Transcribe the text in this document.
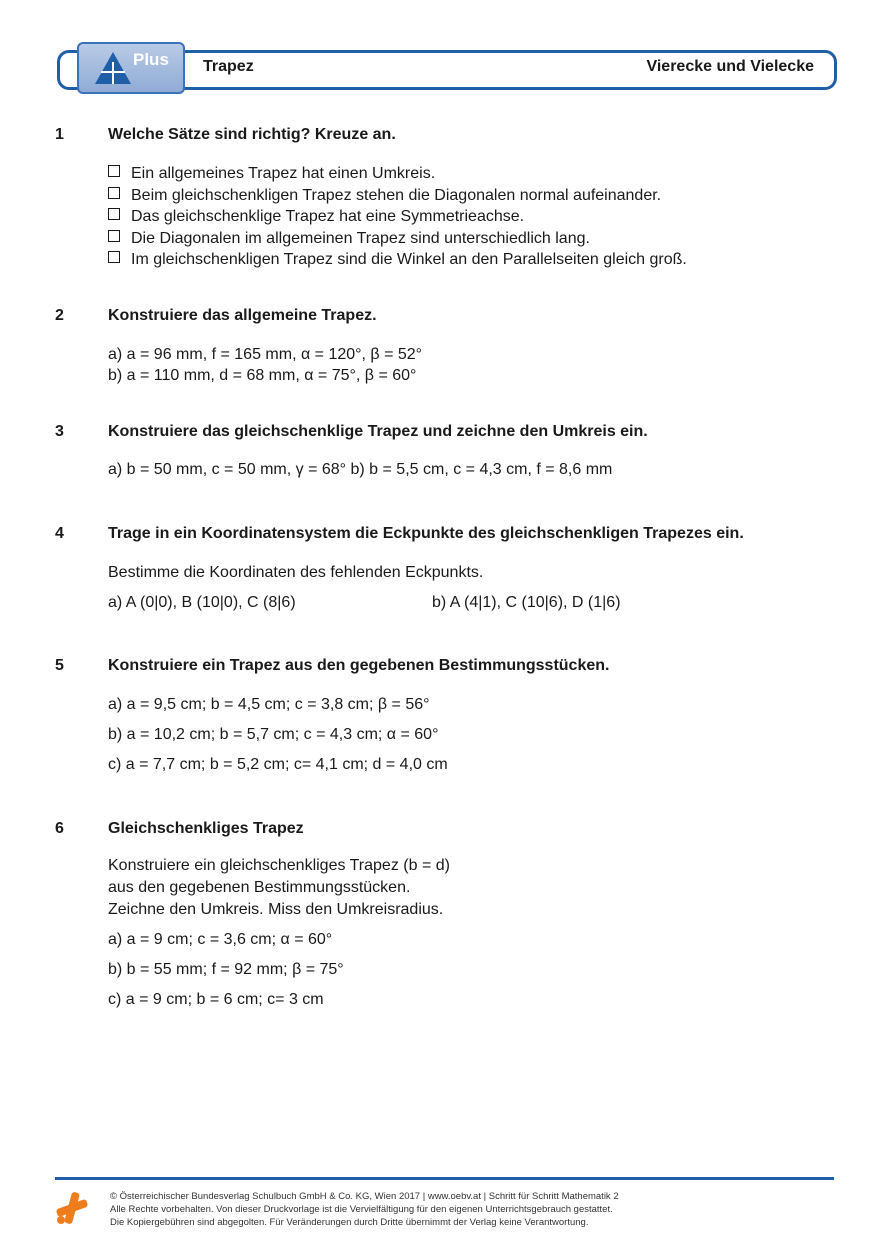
Plus Trapez	Vierecke und Vielecke
1	Welche Sätze sind richtig? Kreuze an.
Ein allgemeines Trapez hat einen Umkreis.
Beim gleichschenkligen Trapez stehen die Diagonalen normal aufeinander.
Das gleichschenklige Trapez hat eine Symmetrieachse.
Die Diagonalen im allgemeinen Trapez sind unterschiedlich lang.
Im gleichschenkligen Trapez sind die Winkel an den Parallelseiten gleich groß.
2	Konstruiere das allgemeine Trapez.
a) a = 96 mm, f = 165 mm, α = 120°, β = 52°
b) a = 110 mm, d = 68 mm, α = 75°, β = 60°
3	Konstruiere das gleichschenklige Trapez und zeichne den Umkreis ein.
a) b = 50 mm, c = 50 mm, γ = 68° b) b = 5,5 cm, c = 4,3 cm, f = 8,6 mm
4	Trage in ein Koordinatensystem die Eckpunkte des gleichschenkligen Trapezes ein.
Bestimme die Koordinaten des fehlenden Eckpunkts.
a) A (0|0), B (10|0), C (8|6)	b) A (4|1), C (10|6), D (1|6)
5	Konstruiere ein Trapez aus den gegebenen Bestimmungsstücken.
a) a = 9,5 cm; b = 4,5 cm; c = 3,8 cm; β = 56°
b) a = 10,2 cm; b = 5,7 cm; c = 4,3 cm; α = 60°
c) a = 7,7 cm; b = 5,2 cm; c= 4,1 cm; d = 4,0 cm
6	Gleichschenkliges Trapez
Konstruiere ein gleichschenkliges Trapez (b = d)
aus den gegebenen Bestimmungsstücken.
Zeichne den Umkreis. Miss den Umkreisradius.
a) a = 9 cm; c = 3,6 cm; α = 60°
b) b = 55 mm; f = 92 mm; β = 75°
c) a = 9 cm; b = 6 cm; c= 3 cm
© Österreichischer Bundesverlag Schulbuch GmbH & Co. KG, Wien 2017 | www.oebv.at | Schritt für Schritt Mathematik 2
Alle Rechte vorbehalten. Von dieser Druckvorlage ist die Vervielfältigung für den eigenen Unterrichtsgebrauch gestattet.
Die Kopiergebühren sind abgegolten. Für Veränderungen durch Dritte übernimmt der Verlag keine Verantwortung.
